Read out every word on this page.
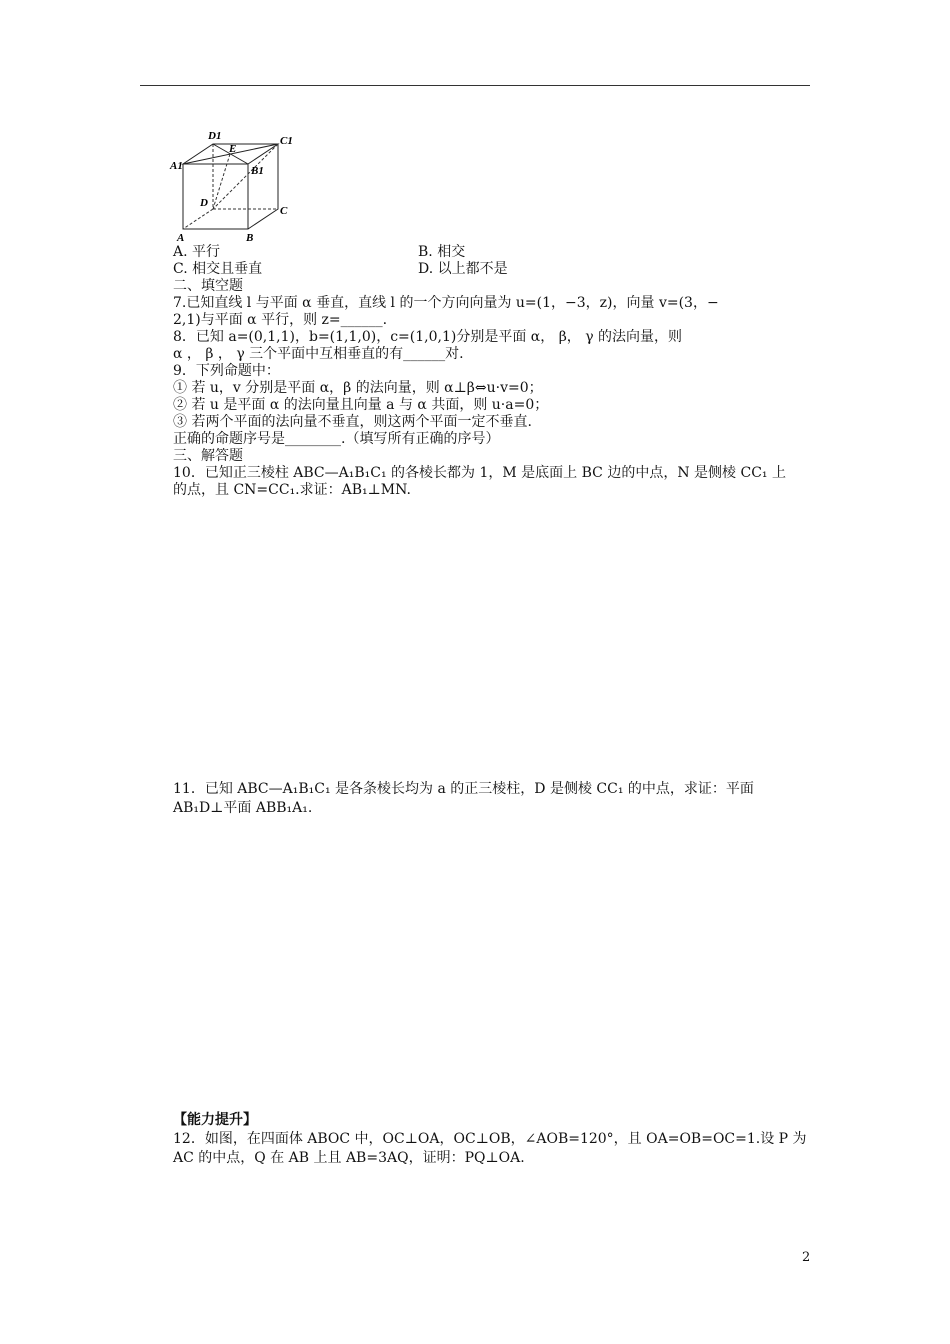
D1	C1
A1
E
B1
D
C
A	B
A. 平行	B. 相交
C. 相交且垂直	D. 以上都不是
二、填空题
7.已知直线 l 与平面 α 垂直，直线 l 的一个方向向量为 u=(1，−3，z)，向量 v=(3，−
2,1)与平面 α 平行，则 z=______.
8．已知 a=(0,1,1)，b=(1,1,0)，c=(1,0,1)分别是平面 α， β， γ 的法向量，则
α ， β ， γ 三个平面中互相垂直的有______对.
9．下列命题中：
① 若 u，v 分别是平面 α，β 的法向量，则 α⊥β⇔u·v=0；
② 若 u 是平面 α 的法向量且向量 a 与 α 共面，则 u·a=0；
③ 若两个平面的法向量不垂直，则这两个平面一定不垂直.
正确的命题序号是________.（填写所有正确的序号）
三、解答题
10．已知正三棱柱 ABC—A₁B₁C₁ 的各棱长都为 1，M 是底面上 BC 边的中点，N 是侧棱 CC₁ 上
的点，且 CN=CC₁.求证：AB₁⊥MN.
11．已知 ABC—A₁B₁C₁ 是各条棱长均为 a 的正三棱柱，D 是侧棱 CC₁ 的中点，求证：平面
AB₁D⊥平面 ABB₁A₁.
【能力提升】
12．如图，在四面体 ABOC 中，OC⊥OA，OC⊥OB，∠AOB=120°，且 OA=OB=OC=1.设 P 为
AC 的中点，Q 在 AB 上且 AB=3AQ，证明：PQ⊥OA.
2
